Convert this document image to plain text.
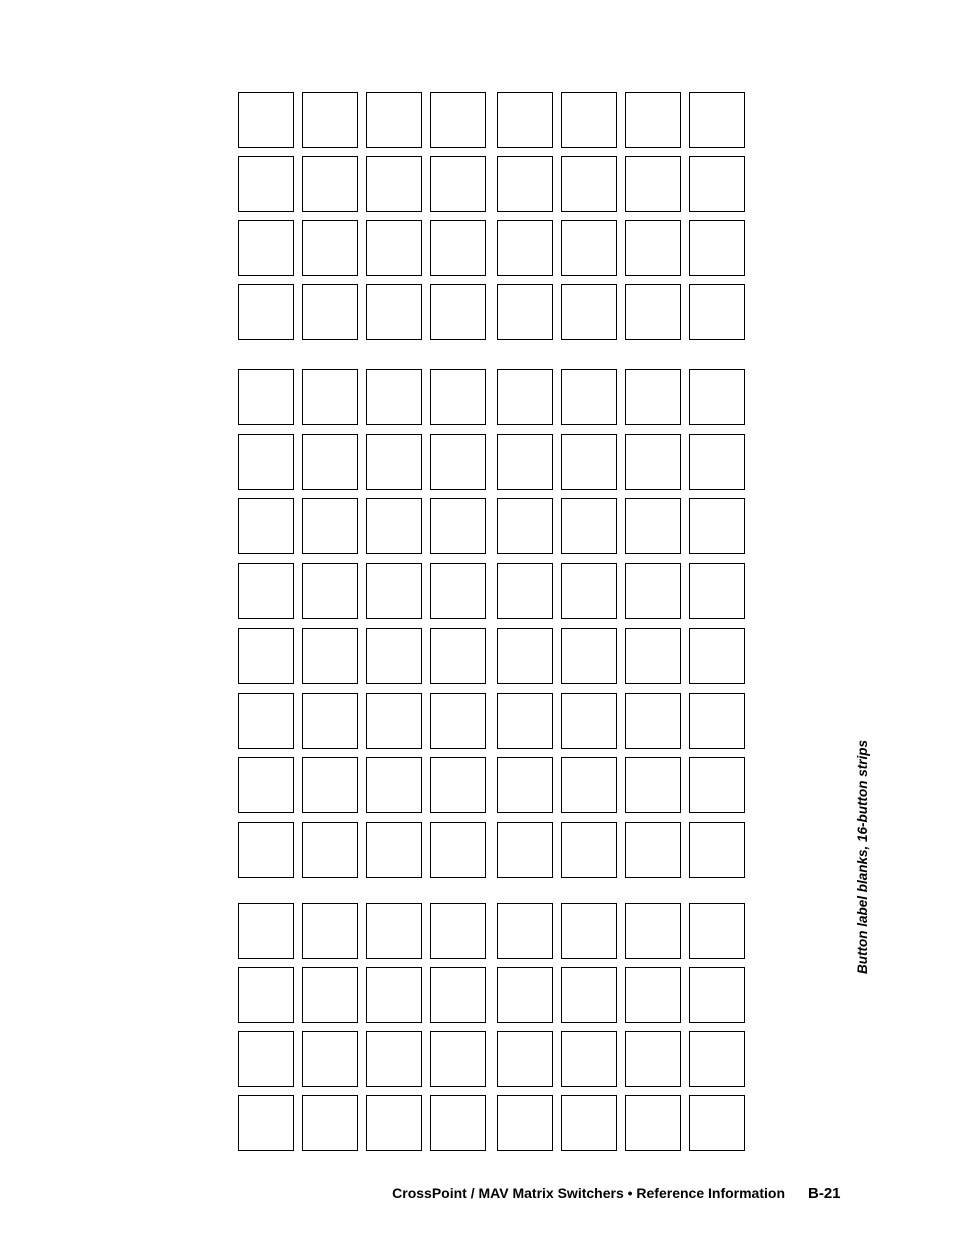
Button label blanks, 16-button strips
CrossPoint / MAV Matrix Switchers • Reference Information B-21
